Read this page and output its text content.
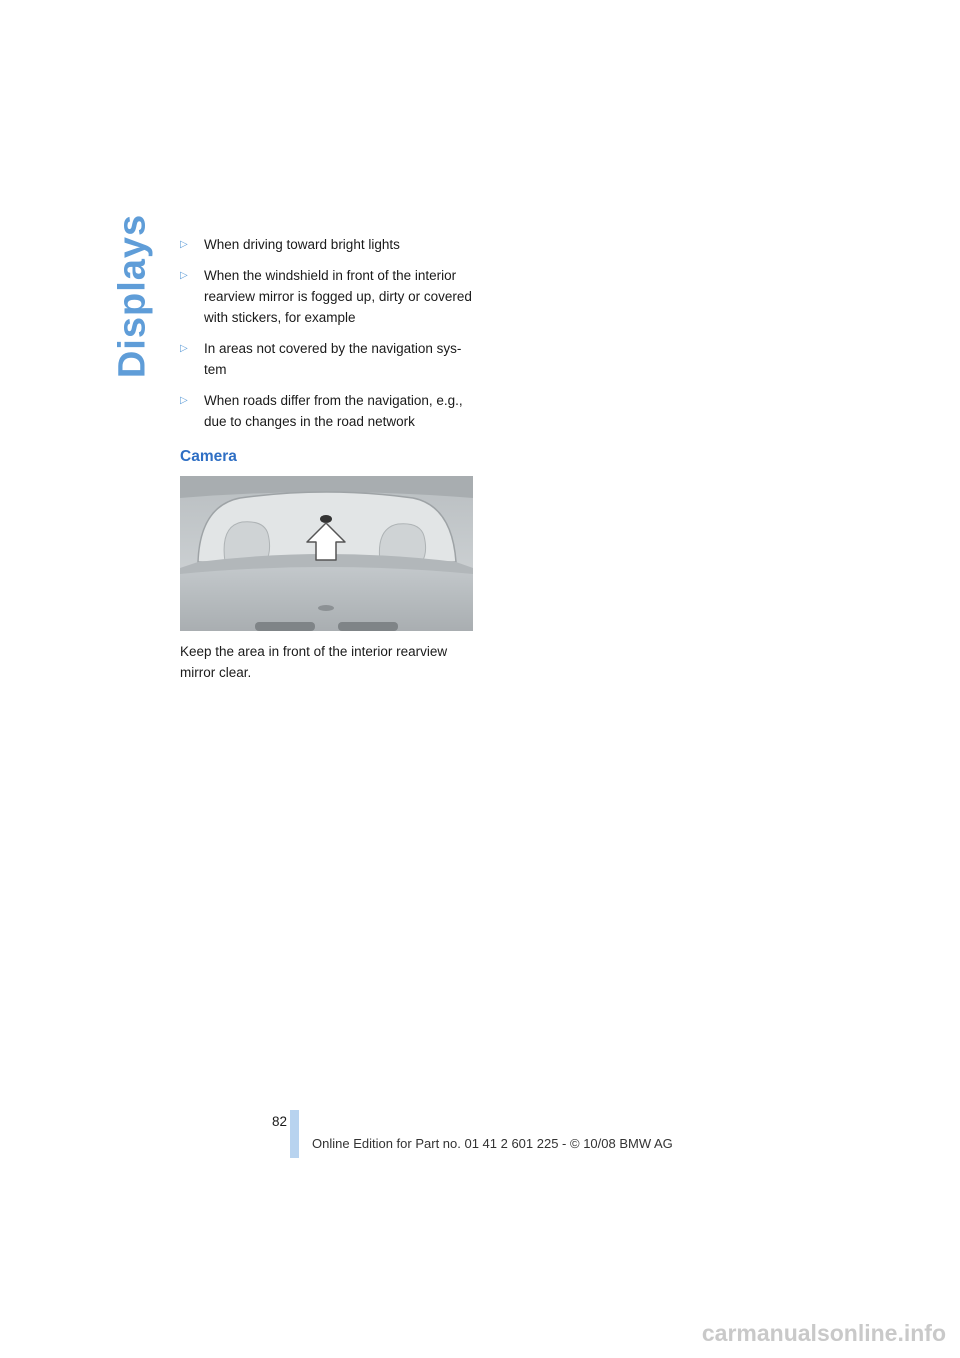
Displays	▷ When driving toward bright lights
▷ When the windshield in front of the interior rearview mirror is fogged up, dirty or covered with stickers, for example
▷ In areas not covered by the navigation sys-tem
▷ When roads differ from the navigation, e.g., due to changes in the road network
Camera

Keep the area in front of the interior rearview mirror clear.

82
Online Edition for Part no. 01 41 2 601 225 - © 10/08 BMW AG
carmanualsonline.info
